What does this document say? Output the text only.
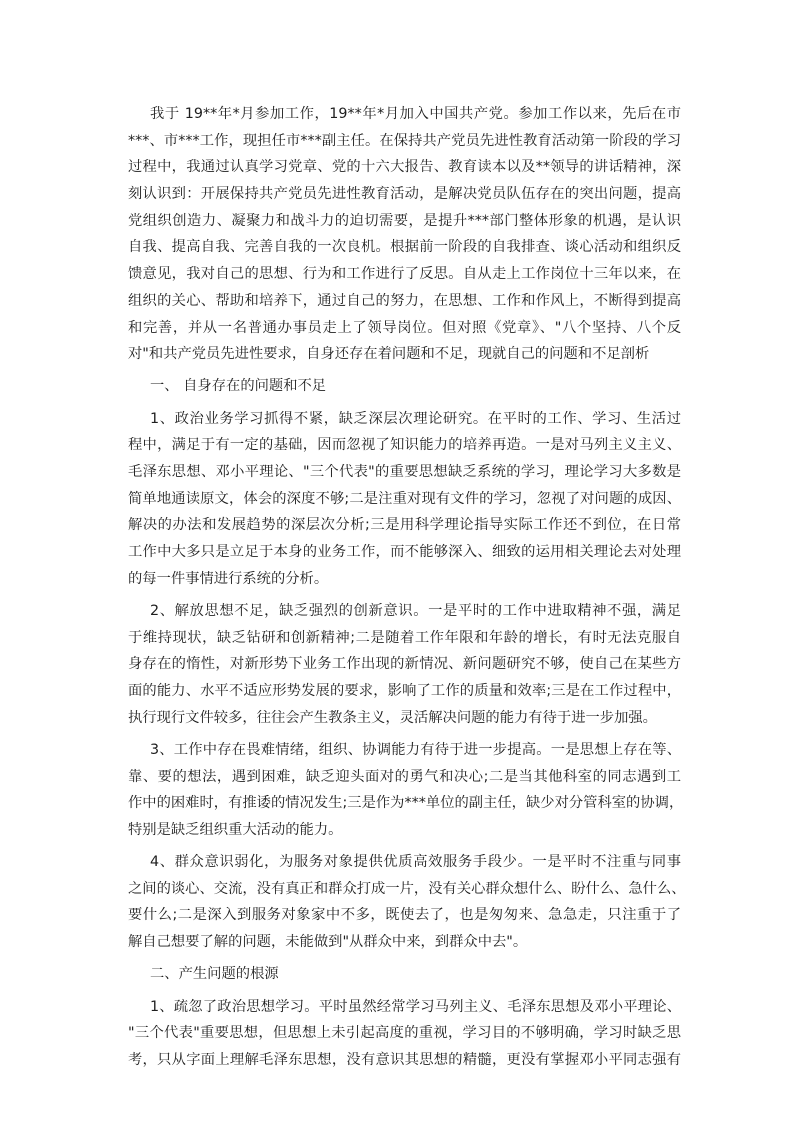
我于 19**年*月参加工作，19**年*月加入中国共产党。参加工作以来，先后在市
***、市***工作，现担任市***副主任。在保持共产党员先进性教育活动第一阶段的学习
过程中，我通过认真学习党章、党的十六大报告、教育读本以及**领导的讲话精神，深
刻认识到：开展保持共产党员先进性教育活动，是解决党员队伍存在的突出问题，提高
党组织创造力、凝聚力和战斗力的迫切需要，是提升***部门整体形象的机遇，是认识
自我、提高自我、完善自我的一次良机。根据前一阶段的自我排查、谈心活动和组织反
馈意见，我对自己的思想、行为和工作进行了反思。自从走上工作岗位十三年以来，在
组织的关心、帮助和培养下，通过自己的努力，在思想、工作和作风上，不断得到提高
和完善，并从一名普通办事员走上了领导岗位。但对照《党章》、"八个坚持、八个反
对"和共产党员先进性要求，自身还存在着问题和不足，现就自己的问题和不足剖析
一、 自身存在的问题和不足
1、政治业务学习抓得不紧，缺乏深层次理论研究。在平时的工作、学习、生活过
程中，满足于有一定的基础，因而忽视了知识能力的培养再造。一是对马列主义主义、
毛泽东思想、邓小平理论、"三个代表"的重要思想缺乏系统的学习，理论学习大多数是
简单地通读原文，体会的深度不够;二是注重对现有文件的学习，忽视了对问题的成因、
解决的办法和发展趋势的深层次分析;三是用科学理论指导实际工作还不到位，在日常
工作中大多只是立足于本身的业务工作，而不能够深入、细致的运用相关理论去对处理
的每一件事情进行系统的分析。
2、解放思想不足，缺乏强烈的创新意识。一是平时的工作中进取精神不强，满足
于维持现状，缺乏钻研和创新精神;二是随着工作年限和年龄的增长，有时无法克服自
身存在的惰性，对新形势下业务工作出现的新情况、新问题研究不够，使自己在某些方
面的能力、水平不适应形势发展的要求，影响了工作的质量和效率;三是在工作过程中，
执行现行文件较多，往往会产生教条主义，灵活解决问题的能力有待于进一步加强。
3、工作中存在畏难情绪，组织、协调能力有待于进一步提高。一是思想上存在等、
靠、要的想法，遇到困难，缺乏迎头面对的勇气和决心;二是当其他科室的同志遇到工
作中的困难时，有推诿的情况发生;三是作为***单位的副主任，缺少对分管科室的协调，
特别是缺乏组织重大活动的能力。
4、群众意识弱化，为服务对象提供优质高效服务手段少。一是平时不注重与同事
之间的谈心、交流，没有真正和群众打成一片，没有关心群众想什么、盼什么、急什么、
要什么;二是深入到服务对象家中不多，既使去了，也是匆匆来、急急走，只注重于了
解自己想要了解的问题，未能做到"从群众中来，到群众中去"。
二、产生问题的根源
1、疏忽了政治思想学习。平时虽然经常学习马列主义、毛泽东思想及邓小平理论、
"三个代表"重要思想，但思想上未引起高度的重视，学习目的不够明确，学习时缺乏思
考，只从字面上理解毛泽东思想，没有意识其思想的精髓，更没有掌握邓小平同志强有
